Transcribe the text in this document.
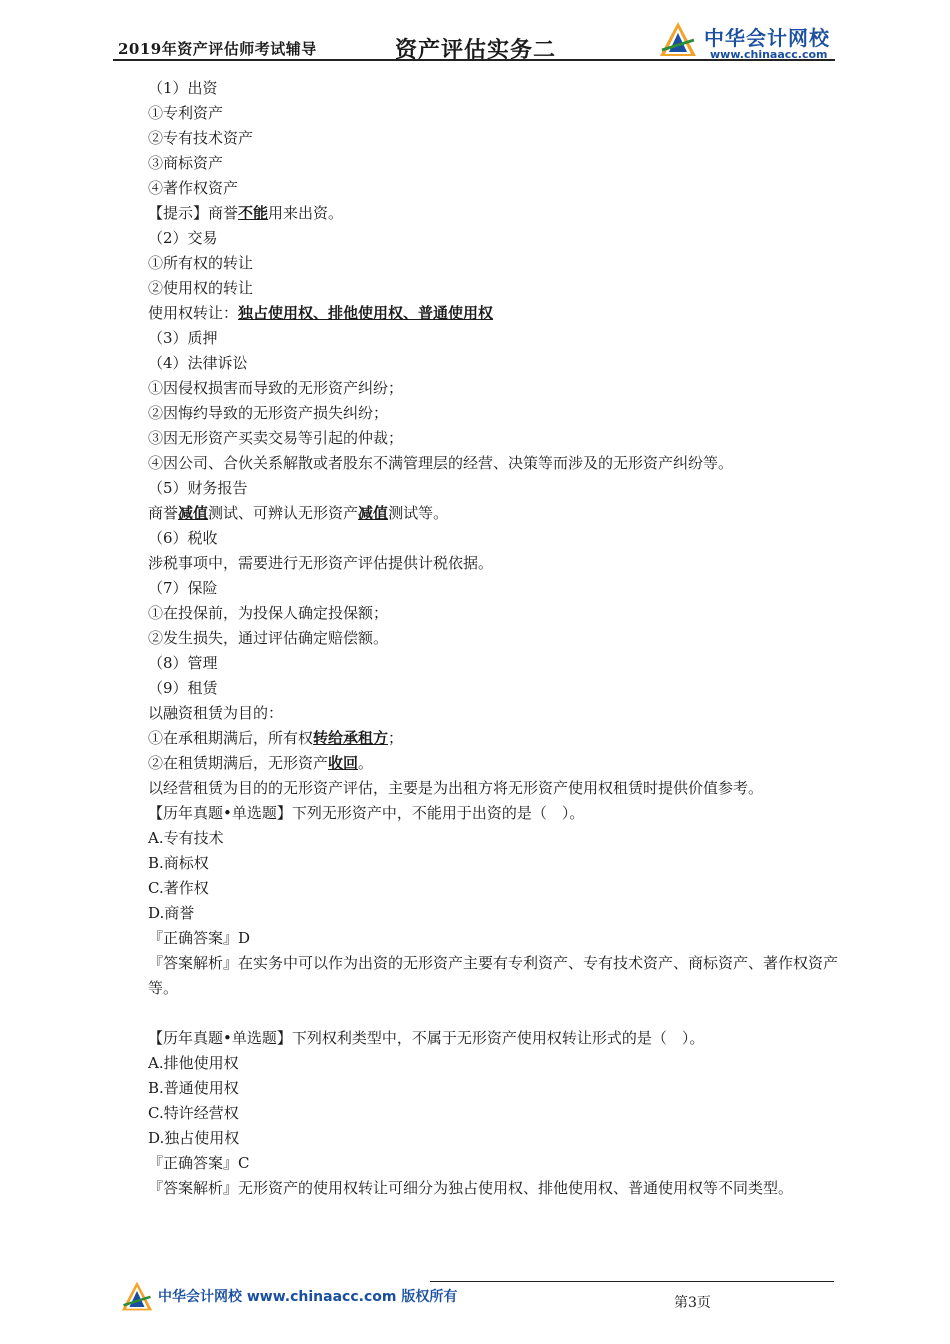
2019年资产评估师考试辅导	资产评估实务二	中华会计网校
www.chinaacc.com
（1）出资
①专利资产
②专有技术资产
③商标资产
④著作权资产
【提示】商誉不能用来出资。
（2）交易
①所有权的转让
②使用权的转让
使用权转让：独占使用权、排他使用权、普通使用权
（3）质押
（4）法律诉讼
①因侵权损害而导致的无形资产纠纷；
②因悔约导致的无形资产损失纠纷；
③因无形资产买卖交易等引起的仲裁；
④因公司、合伙关系解散或者股东不满管理层的经营、决策等而涉及的无形资产纠纷等。
（5）财务报告
商誉减值测试、可辨认无形资产减值测试等。
（6）税收
涉税事项中，需要进行无形资产评估提供计税依据。
（7）保险
①在投保前，为投保人确定投保额；
②发生损失，通过评估确定赔偿额。
（8）管理
（9）租赁
以融资租赁为目的：
①在承租期满后，所有权转给承租方；
②在租赁期满后，无形资产收回。
以经营租赁为目的的无形资产评估，主要是为出租方将无形资产使用权租赁时提供价值参考。
【历年真题•单选题】下列无形资产中，不能用于出资的是（　）。
A.专有技术
B.商标权
C.著作权
D.商誉
『正确答案』D
『答案解析』在实务中可以作为出资的无形资产主要有专利资产、专有技术资产、商标资产、著作权资产等。
【历年真题•单选题】下列权利类型中，不属于无形资产使用权转让形式的是（　）。
A.排他使用权
B.普通使用权
C.特许经营权
D.独占使用权
『正确答案』C
『答案解析』无形资产的使用权转让可细分为独占使用权、排他使用权、普通使用权等不同类型。
中华会计网校 www.chinaacc.com 版权所有	第3页
